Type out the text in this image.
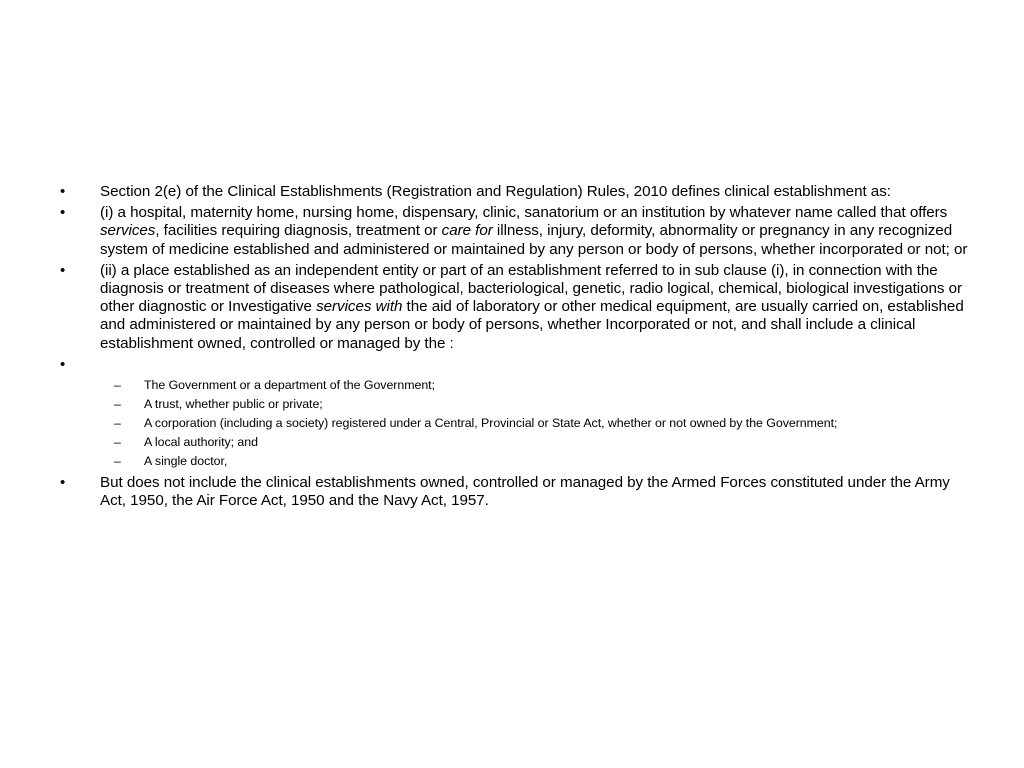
•	Section 2(e) of the Clinical Establishments (Registration and Regulation) Rules, 2010 defines clinical establishment as:
•	(i) a hospital, maternity home, nursing home, dispensary, clinic, sanatorium or an institution by whatever name called that offers services, facilities requiring diagnosis, treatment or care for illness, injury, deformity, abnormality or pregnancy in any recognized system of medicine established and administered or maintained by any person or body of persons, whether incorporated or not; or
•	(ii) a place established as an independent entity or part of an establishment referred to in sub clause (i), in connection with the diagnosis or treatment of diseases where pathological, bacteriological, genetic, radio logical, chemical, biological investigations or other diagnostic or Investigative services with the aid of laboratory or other medical equipment, are usually carried on, established and administered or maintained by any person or body of persons, whether Incorporated or not, and shall include a clinical establishment owned, controlled or managed by the :
•

– The Government or a department of the Government;
– A trust, whether public or private;
– A corporation (including a society) registered under a Central, Provincial or State Act, whether or not owned by the Government;
– A local authority; and
– A single doctor,
•	But does not include the clinical establishments owned, controlled or managed by the Armed Forces constituted under the Army Act, 1950, the Air Force Act, 1950 and the Navy Act, 1957.
